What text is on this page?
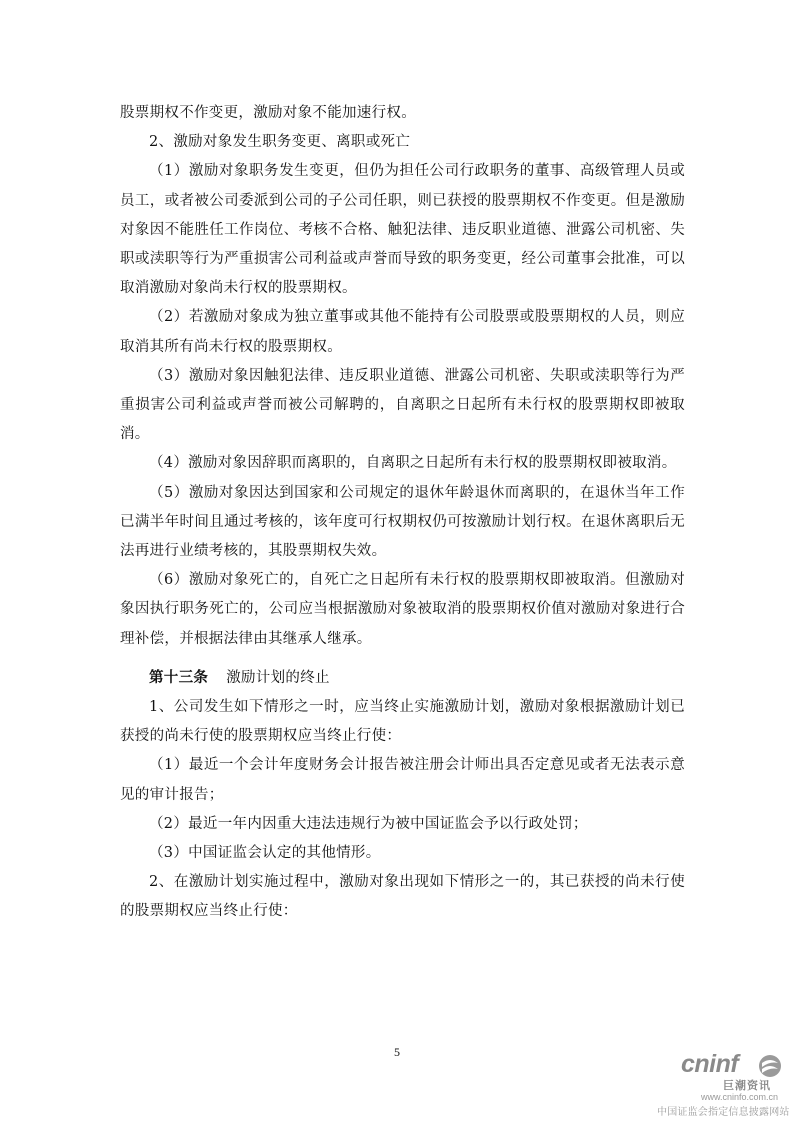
股票期权不作变更，激励对象不能加速行权。

2、激励对象发生职务变更、离职或死亡

（1）激励对象职务发生变更，但仍为担任公司行政职务的董事、高级管理人员或员工，或者被公司委派到公司的子公司任职，则已获授的股票期权不作变更。但是激励对象因不能胜任工作岗位、考核不合格、触犯法律、违反职业道德、泄露公司机密、失职或渎职等行为严重损害公司利益或声誉而导致的职务变更，经公司董事会批准，可以取消激励对象尚未行权的股票期权。

（2）若激励对象成为独立董事或其他不能持有公司股票或股票期权的人员，则应取消其所有尚未行权的股票期权。

（3）激励对象因触犯法律、违反职业道德、泄露公司机密、失职或渎职等行为严重损害公司利益或声誉而被公司解聘的，自离职之日起所有未行权的股票期权即被取消。

（4）激励对象因辞职而离职的，自离职之日起所有未行权的股票期权即被取消。

（5）激励对象因达到国家和公司规定的退休年龄退休而离职的，在退休当年工作已满半年时间且通过考核的，该年度可行权期权仍可按激励计划行权。在退休离职后无法再进行业绩考核的，其股票期权失效。

（6）激励对象死亡的，自死亡之日起所有未行权的股票期权即被取消。但激励对象因执行职务死亡的，公司应当根据激励对象被取消的股票期权价值对激励对象进行合理补偿，并根据法律由其继承人继承。

第十三条 激励计划的终止

1、公司发生如下情形之一时，应当终止实施激励计划，激励对象根据激励计划已获授的尚未行使的股票期权应当终止行使：

（1）最近一个会计年度财务会计报告被注册会计师出具否定意见或者无法表示意见的审计报告；

（2）最近一年内因重大违法违规行为被中国证监会予以行政处罚；

（3）中国证监会认定的其他情形。

2、在激励计划实施过程中，激励对象出现如下情形之一的，其已获授的尚未行使的股票期权应当终止行使：

5	cninf
巨潮资讯
www.cninfo.com.cn
中国证监会指定信息披露网站
